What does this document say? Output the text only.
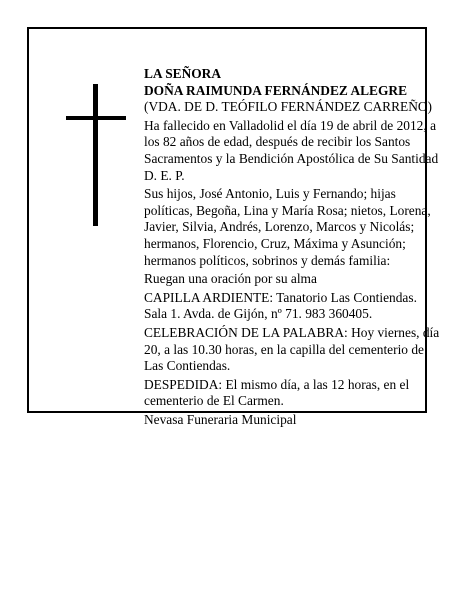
LA SEÑORA
DOÑA RAIMUNDA FERNÁNDEZ ALEGRE
(VDA. DE D. TEÓFILO FERNÁNDEZ CARREÑO)
Ha fallecido en Valladolid el día 19 de abril de 2012, a
los 82 años de edad, después de recibir los Santos
Sacramentos y la Bendición Apostólica de Su Santidad
D. E. P.
Sus hijos, José Antonio, Luis y Fernando; hijas
políticas, Begoña, Lina y María Rosa; nietos, Lorena,
Javier, Silvia, Andrés, Lorenzo, Marcos y Nicolás;
hermanos, Florencio, Cruz, Máxima y Asunción;
hermanos políticos, sobrinos y demás familia:
Ruegan una oración por su alma
CAPILLA ARDIENTE: Tanatorio Las Contiendas.
Sala 1. Avda. de Gijón, nº 71. 983 360405.
CELEBRACIÓN DE LA PALABRA: Hoy viernes, día
20, a las 10.30 horas, en la capilla del cementerio de
Las Contiendas.
DESPEDIDA: El mismo día, a las 12 horas, en el
cementerio de El Carmen.
Nevasa Funeraria Municipal
